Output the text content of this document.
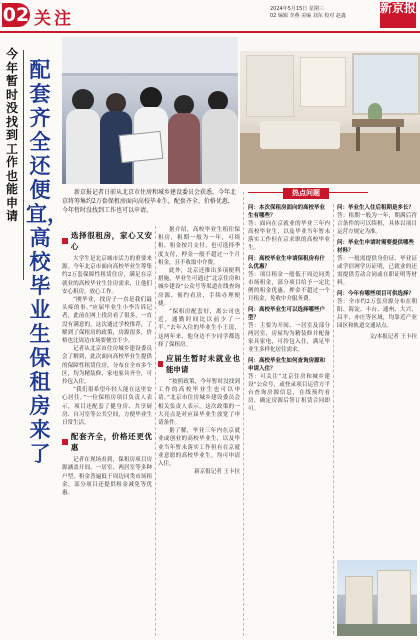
02 关注	2024年5月15日 星期三
02 编辑 李燕 美编 刘东 校对 赵鑫
新京报
今年暂时没找到工作也能申请
配套齐全还便宜，高校毕业生保租房来了
新京报记者日前从北京市住房和城乡建设委员会获悉，今年北京将筹集约2万套保租房面向高校毕业生，配套齐全、价格优惠，今年暂时没找到工作也可以申请。
选择很租房，家心又安心

大学生是北京城市活力的重要来源。今年北京市面向高校毕业生筹集约2万套保障性租赁住房，满足在京就业的高校毕业生住房需求，让他们安心租房，放心工作。

“刚毕业，找房子一直是我们最头疼的事。”应届毕业生小李告诉记者，此前在网上找房看了很多，一直没有满意的，这次通过学校推荐，了解到了保租房的政策，房源很多，价格也比周边市场要便宜不少。

记者从北京市住房城乡建设委员会了解到，此次面向高校毕业生提供的保障性租赁住房，分布在全市多个区，均为精装修、家电家具齐全，可拎包入住。

“我们很希望年轻人能在这里安心居住。”一位保租房项目负责人表示，项目还配套了健身房、共享厨房、自习室等公共空间，方便毕业生日常生活。

配套齐全，价格还更优惠

记者在现场看到，保租房项目房源涵盖开间、一居室、两居室等多种户型，租金普遍低于周边同类市场租金，部分项目还提供租金减免等优惠。

据介绍，高校毕业生租住保租房，租期一般为一年，可续租。租金按月支付，也可选择季度支付，押金一般不超过一个月租金，且不收取中介费。

此外，北京还推出多项便利措施，毕业生可通过“北京住房和城乡建设”公众号等渠道在线查询房源、预约看房，手续办理便捷。

“保租房配套好，离公司也近，通勤时间比以前少了一半。”去年入住的毕业生小王说，这两年来，他身边不少同学都选择了保租房。

应届生暂时未就业也能申请

“按照政策，今年暂时没找到工作的高校毕业生也可以申请。”北京市住房城乡建设委员会相关负责人表示，这次政策的一大亮点是对应届毕业生放宽了申请条件。

据了解，毕业三年内在京就业或创业的高校毕业生，以及毕业当年暂未落实工作但有在京就业意愿的高校毕业生，均可申请入住。

新京报记者 王卡拉

热点问题
问：本次保租房面向的高校毕业生有哪些？
答：面向在京就业的毕业三年内高校毕业生，以及毕业当年暂未落实工作但在京求职的高校毕业生。
问：高校毕业生申请保租房有什么优惠？
答：项目租金一般低于周边同类市场租金，部分项目给予一定比例的租金优惠，押金不超过一个月租金，免收中介服务费。
问：高校毕业生可以选择哪些户型？
答：主要为开间、一居室及部分两居室，房屋均为精装修并配备家具家电，可拎包入住，满足毕业生多样化居住需求。
问：高校毕业生如何查询房源和申请入住？
答：可关注“北京住房和城乡建设”公众号，或登录项目运营方平台查询房源信息，在线预约看房，确定房源后签订租赁合同即可。
问：毕业生入住后租期是多长？
答：租期一般为一年，期满后符合条件的可以续租，具体以项目运营方规定为准。
问：毕业生申请时需要提供哪些材料？
答：一般需提供身份证、毕业证或学信网学历证明，已就业的还需提供劳动合同或在职证明等材料。
问：今年有哪些项目可供选择？
答：全市约2万套房源分布在朝阳、海淀、丰台、通州、大兴、昌平、亦庄等区域，均靠近产业园区和轨道交通站点。
文/本报记者 王卡拉
